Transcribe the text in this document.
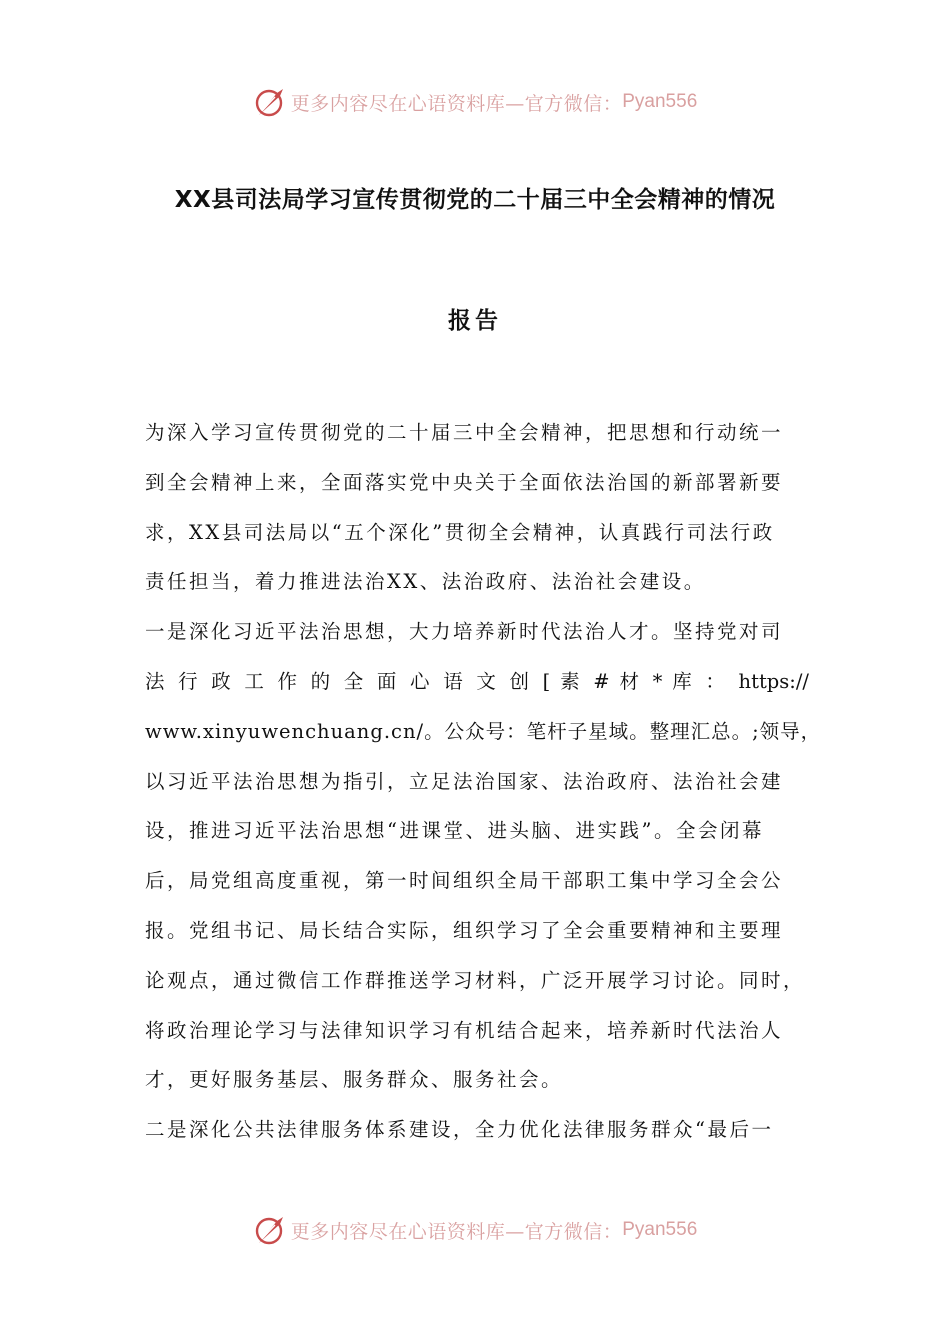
更多内容尽在心语资料库—官方微信： Pyan556
XX县司法局学习宣传贯彻党的二十届三中全会精神的情况
报告
为深入学习宣传贯彻党的二十届三中全会精神，把思想和行动统一
到全会精神上来，全面落实党中央关于全面依法治国的新部署新要
求，XX县司法局以“五个深化”贯彻全会精神，认真践行司法行政
责任担当，着力推进法治XX、法治政府、法治社会建设。
一是深化习近平法治思想，大力培养新时代法治人才。坚持党对司
法 行 政 工 作 的 全 面 心 语 文 创 [ 素 # 材 * 库 ： https://
www.xinyuwenchuang.cn/。公众号：笔杆子星域。整理汇总。;领导，
以习近平法治思想为指引，立足法治国家、法治政府、法治社会建
设，推进习近平法治思想“进课堂、进头脑、进实践”。全会闭幕
后，局党组高度重视，第一时间组织全局干部职工集中学习全会公
报。党组书记、局长结合实际，组织学习了全会重要精神和主要理
论观点，通过微信工作群推送学习材料，广泛开展学习讨论。同时，
将政治理论学习与法律知识学习有机结合起来，培养新时代法治人
才，更好服务基层、服务群众、服务社会。
二是深化公共法律服务体系建设，全力优化法律服务群众“最后一
更多内容尽在心语资料库—官方微信： Pyan556
